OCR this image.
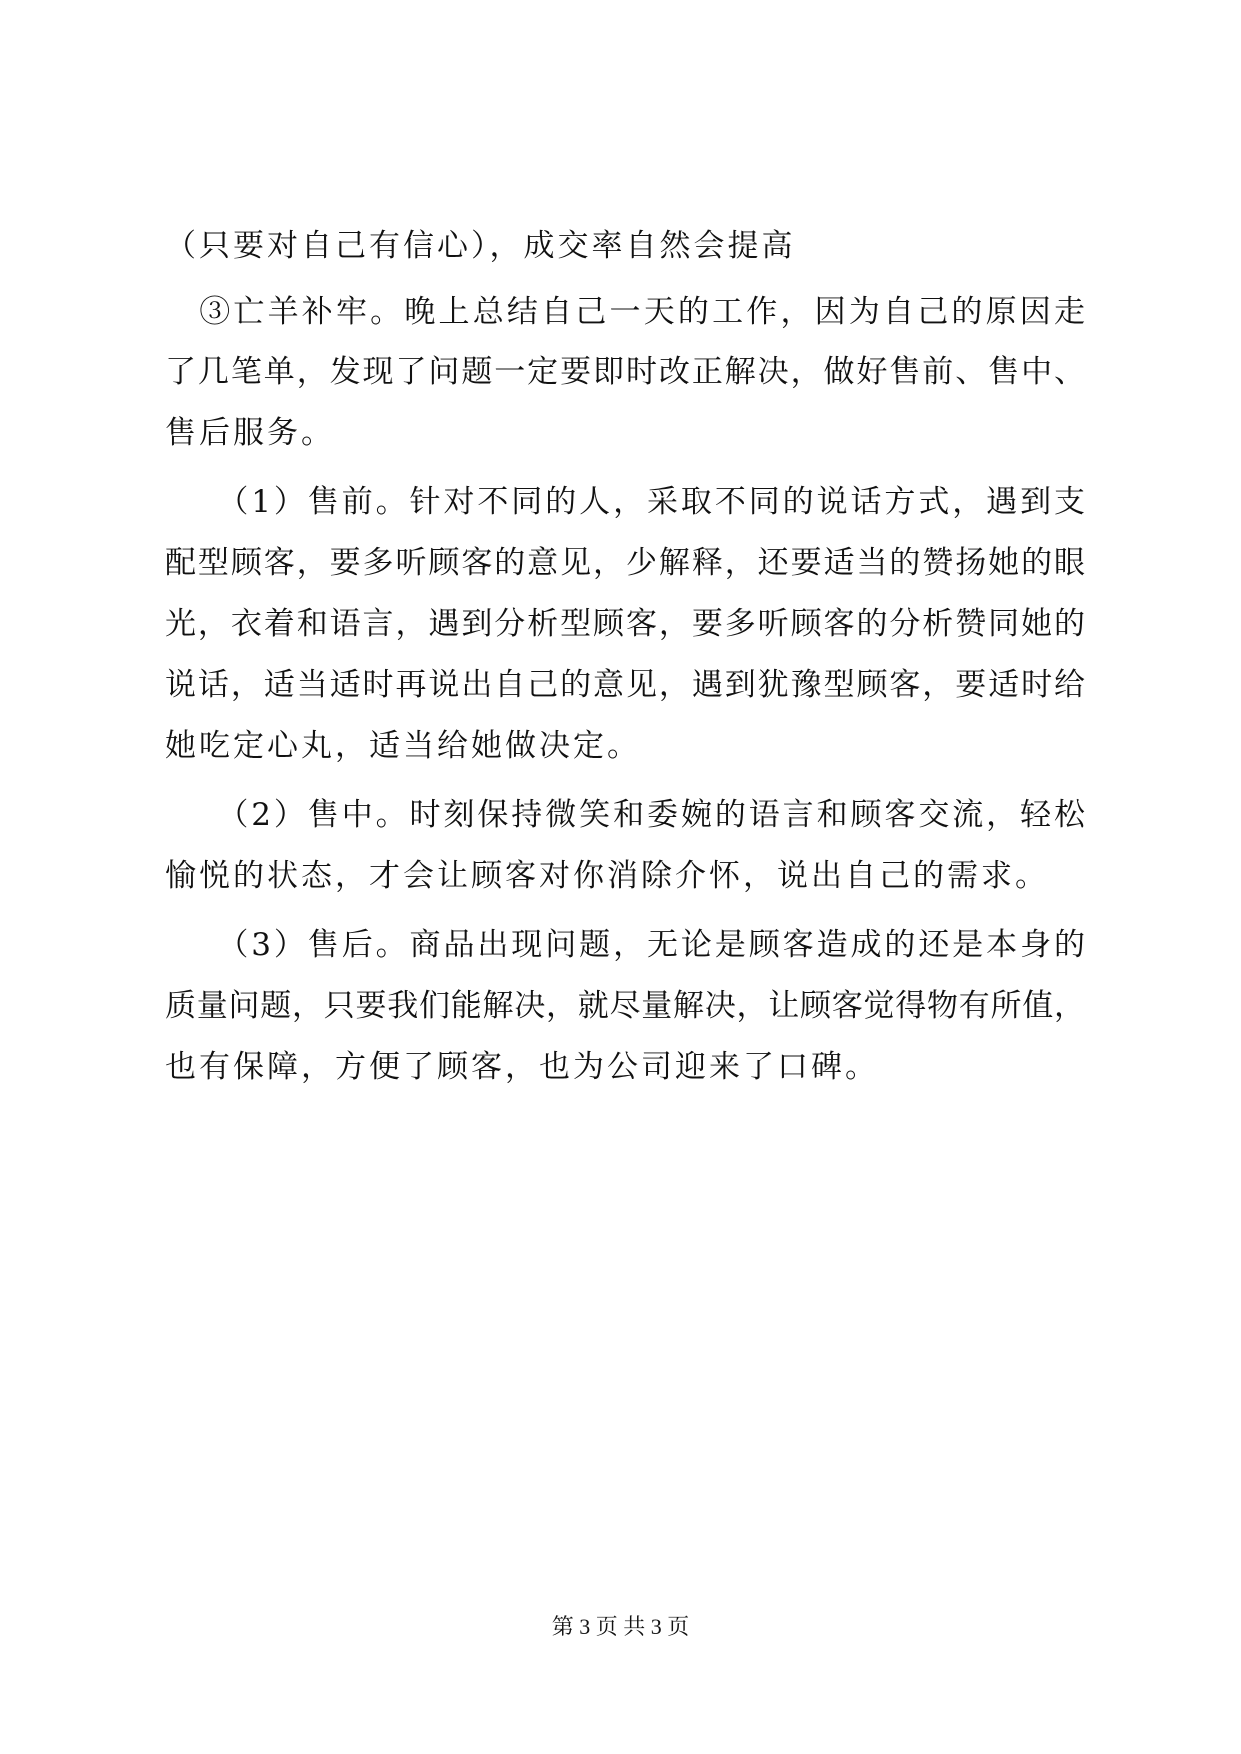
（只要对自己有信心），成交率自然会提高
　③亡羊补牢。晚上总结自己一天的工作，因为自己的原因走
了几笔单，发现了问题一定要即时改正解决，做好售前、售中、
售后服务。
　　（1）售前。针对不同的人，采取不同的说话方式，遇到支
配型顾客，要多听顾客的意见，少解释，还要适当的赞扬她的眼
光，衣着和语言，遇到分析型顾客，要多听顾客的分析赞同她的
说话，适当适时再说出自己的意见，遇到犹豫型顾客，要适时给
她吃定心丸，适当给她做决定。
　　（2）售中。时刻保持微笑和委婉的语言和顾客交流，轻松
愉悦的状态，才会让顾客对你消除介怀，说出自己的需求。
　　（3）售后。商品出现问题，无论是顾客造成的还是本身的
质量问题，只要我们能解决，就尽量解决，让顾客觉得物有所值，
也有保障，方便了顾客，也为公司迎来了口碑。
第 3 页 共 3 页
